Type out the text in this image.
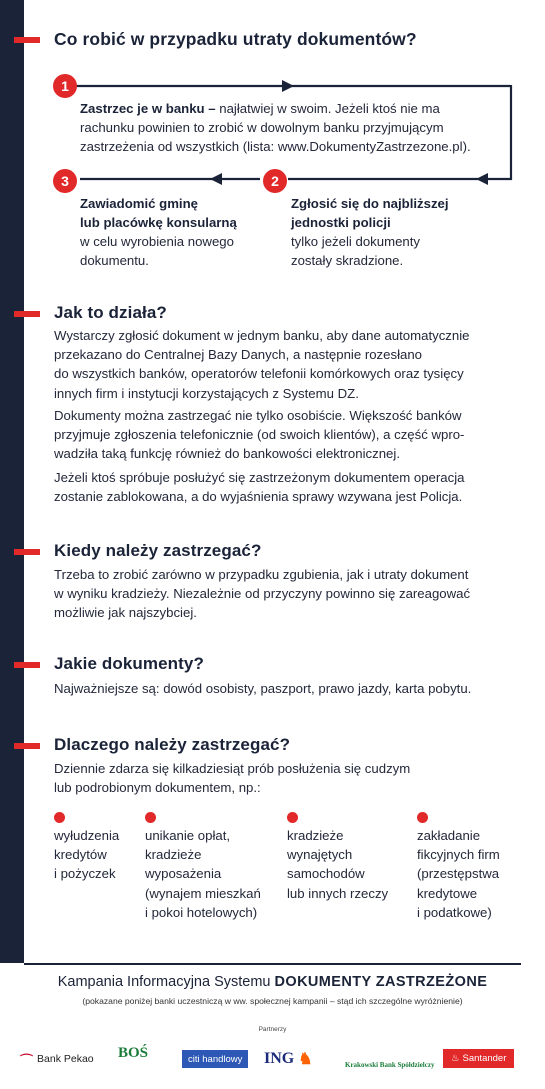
Co robić w przypadku utraty dokumentów?
1
Zastrzec je w banku – najłatwiej w swoim. Jeżeli ktoś nie ma
rachunku powinien to zrobić w dowolnym banku przyjmującym
zastrzeżenia od wszystkich (lista: www.DokumentyZastrzezone.pl).
3
Zawiadomić gminę
lub placówkę konsularną
w celu wyrobienia nowego
dokumentu.
2
Zgłosić się do najbliższej
jednostki policji
tylko jeżeli dokumenty
zostały skradzione.
Jak to działa?
Wystarczy zgłosić dokument w jednym banku, aby dane automatycznie
przekazano do Centralnej Bazy Danych, a następnie rozesłano
do wszystkich banków, operatorów telefonii komórkowych oraz tysięcy
innych firm i instytucji korzystających z Systemu DZ.
Dokumenty można zastrzegać nie tylko osobiście. Większość banków
przyjmuje zgłoszenia telefonicznie (od swoich klientów), a część wpro-
wadziła taką funkcję również do bankowości elektronicznej.
Jeżeli ktoś spróbuje posłużyć się zastrzeżonym dokumentem operacja
zostanie zablokowana, a do wyjaśnienia sprawy wzywana jest Policja.
Kiedy należy zastrzegać?
Trzeba to zrobić zarówno w przypadku zgubienia, jak i utraty dokument
w wyniku kradzieży. Niezależnie od przyczyny powinno się zareagować
możliwie jak najszybciej.
Jakie dokumenty?
Najważniejsze są: dowód osobisty, paszport, prawo jazdy, karta pobytu.
Dlaczego należy zastrzegać?
Dziennie zdarza się kilkadziesiąt prób posłużenia się cudzym
lub podrobionym dokumentem, np.:
wyłudzenia
kredytów
i pożyczek
unikanie opłat,
kradzieże
wyposażenia
(wynajem mieszkań
i pokoi hotelowych)
kradzieże
wynajętych
samochodów
lub innych rzeczy
zakładanie
fikcyjnych firm
(przestępstwa
kredytowe
i podatkowe)
Kampania Informacyjna Systemu DOKUMENTY ZASTRZEŻONE
(pokazane poniżej banki uczestniczą w ww. społecznej kampanii – stąd ich szczególne wyróżnienie)
Partnerzy
⌒ Bank Pekao BOŚ	citi handlowy ING ♞	Krakowski Bank Spółdzielczy
♨ Santander
